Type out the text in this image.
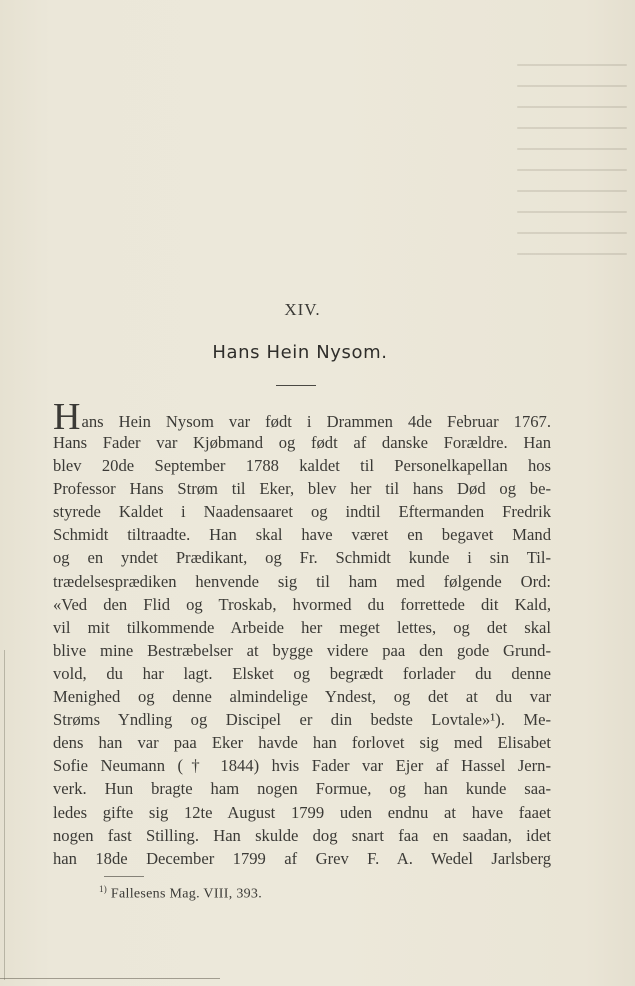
XIV.
Hans Hein Nysom.
Hans Hein Nysom var født i Drammen 4de Februar 1767.
Hans Fader var Kjøbmand og født af danske Forældre. Han
blev 20de September 1788 kaldet til Personelkapellan hos
Professor Hans Strøm til Eker, blev her til hans Død og be-
styrede Kaldet i Naadensaaret og indtil Eftermanden Fredrik
Schmidt tiltraadte. Han skal have været en begavet Mand
og en yndet Prædikant, og Fr. Schmidt kunde i sin Til-
trædelsesprædiken henvende sig til ham med følgende Ord:
«Ved den Flid og Troskab, hvormed du forrettede dit Kald,
vil mit tilkommende Arbeide her meget lettes, og det skal
blive mine Bestræbelser at bygge videre paa den gode Grund-
vold, du har lagt. Elsket og begrædt forlader du denne
Menighed og denne almindelige Yndest, og det at du var
Strøms Yndling og Discipel er din bedste Lovtale»¹). Me-
dens han var paa Eker havde han forlovet sig med Elisabet
Sofie Neumann († 1844) hvis Fader var Ejer af Hassel Jern-
verk. Hun bragte ham nogen Formue, og han kunde saa-
ledes gifte sig 12te August 1799 uden endnu at have faaet
nogen fast Stilling. Han skulde dog snart faa en saadan, idet
han 18de December 1799 af Grev F. A. Wedel Jarlsberg
$^{1)}$ Fallesens Mag. VIII, 393.
